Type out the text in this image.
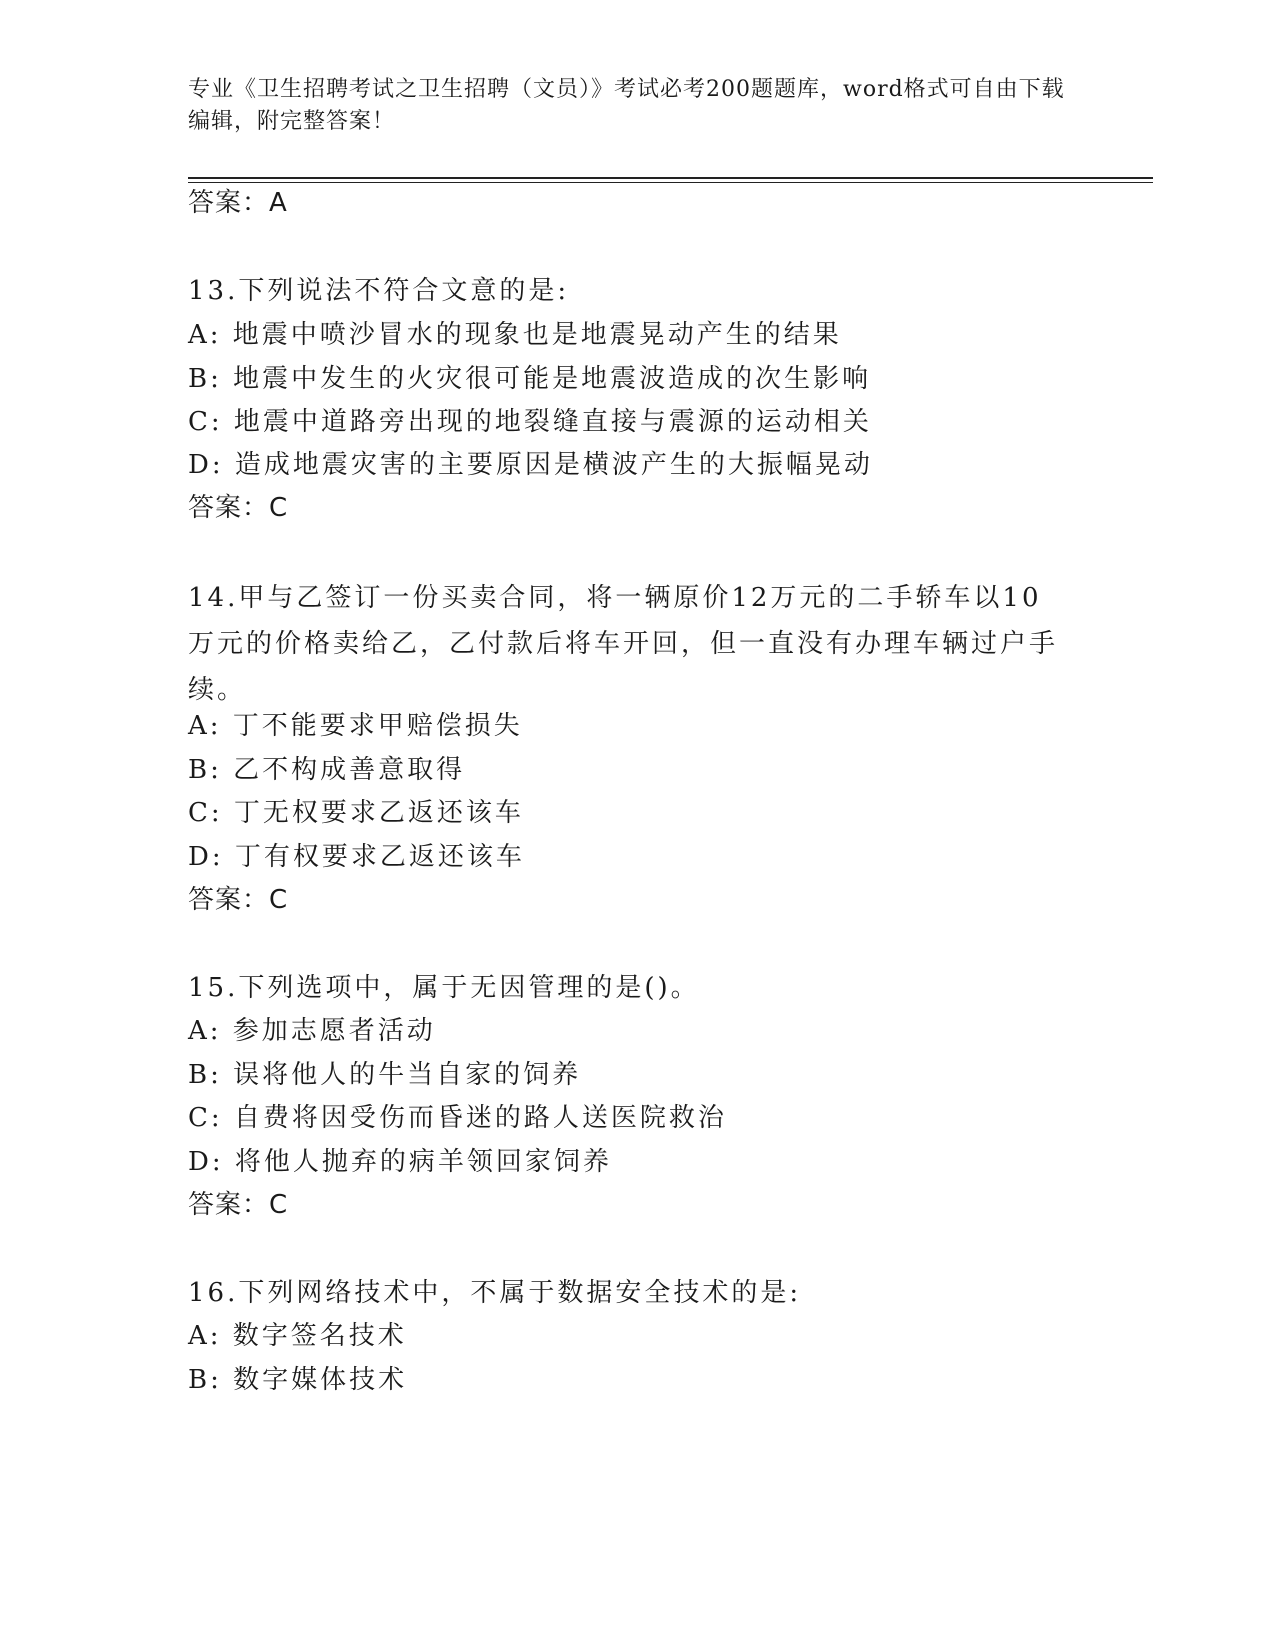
专业《卫生招聘考试之卫生招聘（文员）》考试必考200题题库，word格式可自由下载编辑，附完整答案！
答案：A
13.下列说法不符合文意的是:
A: 地震中喷沙冒水的现象也是地震晃动产生的结果
B: 地震中发生的火灾很可能是地震波造成的次生影响
C: 地震中道路旁出现的地裂缝直接与震源的运动相关
D: 造成地震灾害的主要原因是横波产生的大振幅晃动
答案：C
14.甲与乙签订一份买卖合同，将一辆原价12万元的二手轿车以10万元的价格卖给乙，乙付款后将车开回，但一直没有办理车辆过户手续。
A: 丁不能要求甲赔偿损失
B: 乙不构成善意取得
C: 丁无权要求乙返还该车
D: 丁有权要求乙返还该车
答案：C
15.下列选项中，属于无因管理的是()。
A: 参加志愿者活动
B: 误将他人的牛当自家的饲养
C: 自费将因受伤而昏迷的路人送医院救治
D: 将他人抛弃的病羊领回家饲养
答案：C
16.下列网络技术中，不属于数据安全技术的是:
A: 数字签名技术
B: 数字媒体技术
